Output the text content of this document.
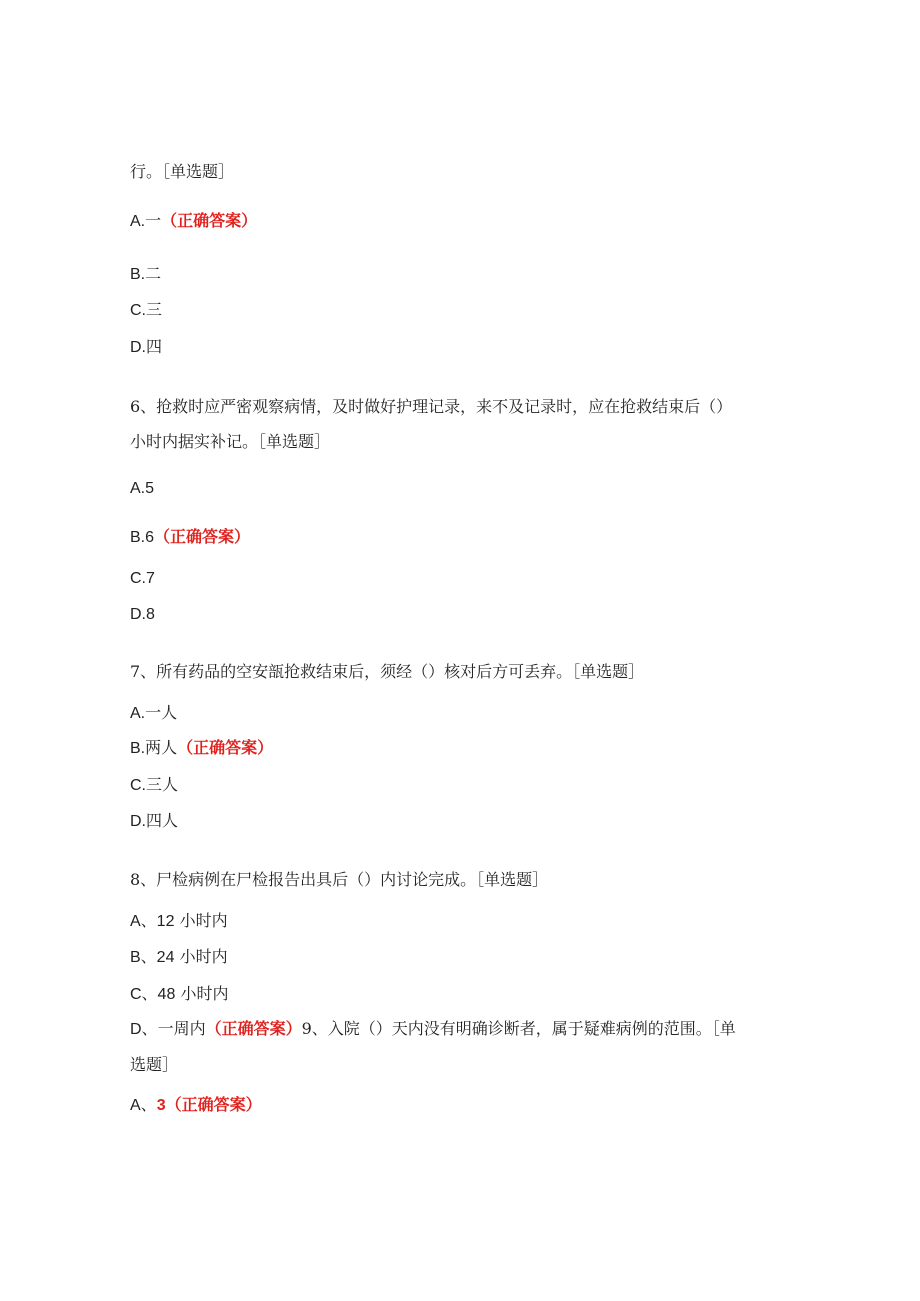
行。［单选题］
A.一（正确答案）
B.二
C.三
D.四
6、抢救时应严密观察病情，及时做好护理记录，来不及记录时，应在抢救结束后（）
小时内据实补记。［单选题］
A.5
B.6（正确答案）
C.7
D.8
7、所有药品的空安瓿抢救结束后，须经（）核对后方可丢弃。［单选题］
A.一人
B.两人（正确答案）
C.三人
D.四人
8、尸检病例在尸检报告出具后（）内讨论完成。［单选题］
A、12 小时内
B、24 小时内
C、48 小时内
D、一周内（正确答案）9、入院（）天内没有明确诊断者，属于疑难病例的范围。［单
选题］
A、3（正确答案）
